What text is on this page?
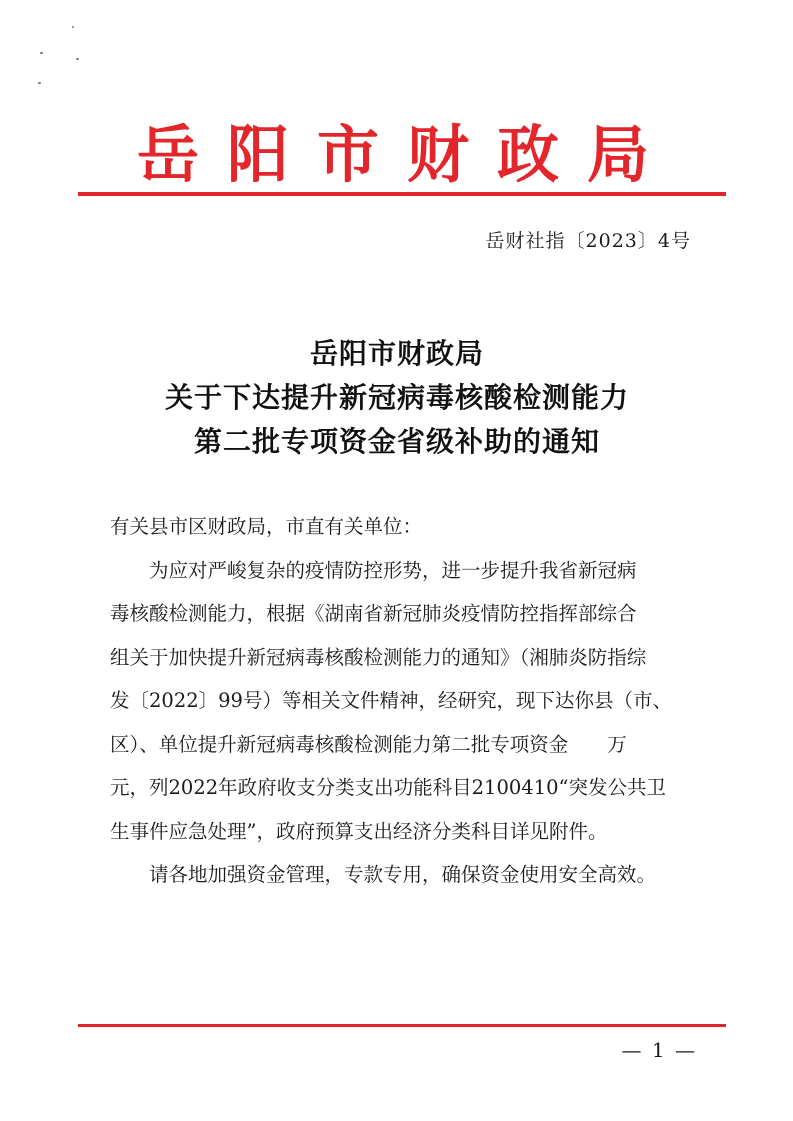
岳阳市财政局
岳财社指〔2023〕4号
岳阳市财政局
关于下达提升新冠病毒核酸检测能力
第二批专项资金省级补助的通知

有关县市区财政局，市直有关单位：

为应对严峻复杂的疫情防控形势，进一步提升我省新冠病

毒核酸检测能力，根据《湖南省新冠肺炎疫情防控指挥部综合

组关于加快提升新冠病毒核酸检测能力的通知》（湘肺炎防指综

发〔2022〕99号）等相关文件精神，经研究，现下达你县（市、

区）、单位提升新冠病毒核酸检测能力第二批专项资金　　万

元，列2022年政府收支分类支出功能科目2100410“突发公共卫

生事件应急处理”，政府预算支出经济分类科目详见附件。

请各地加强资金管理，专款专用，确保资金使用安全高效。

— 1 —
